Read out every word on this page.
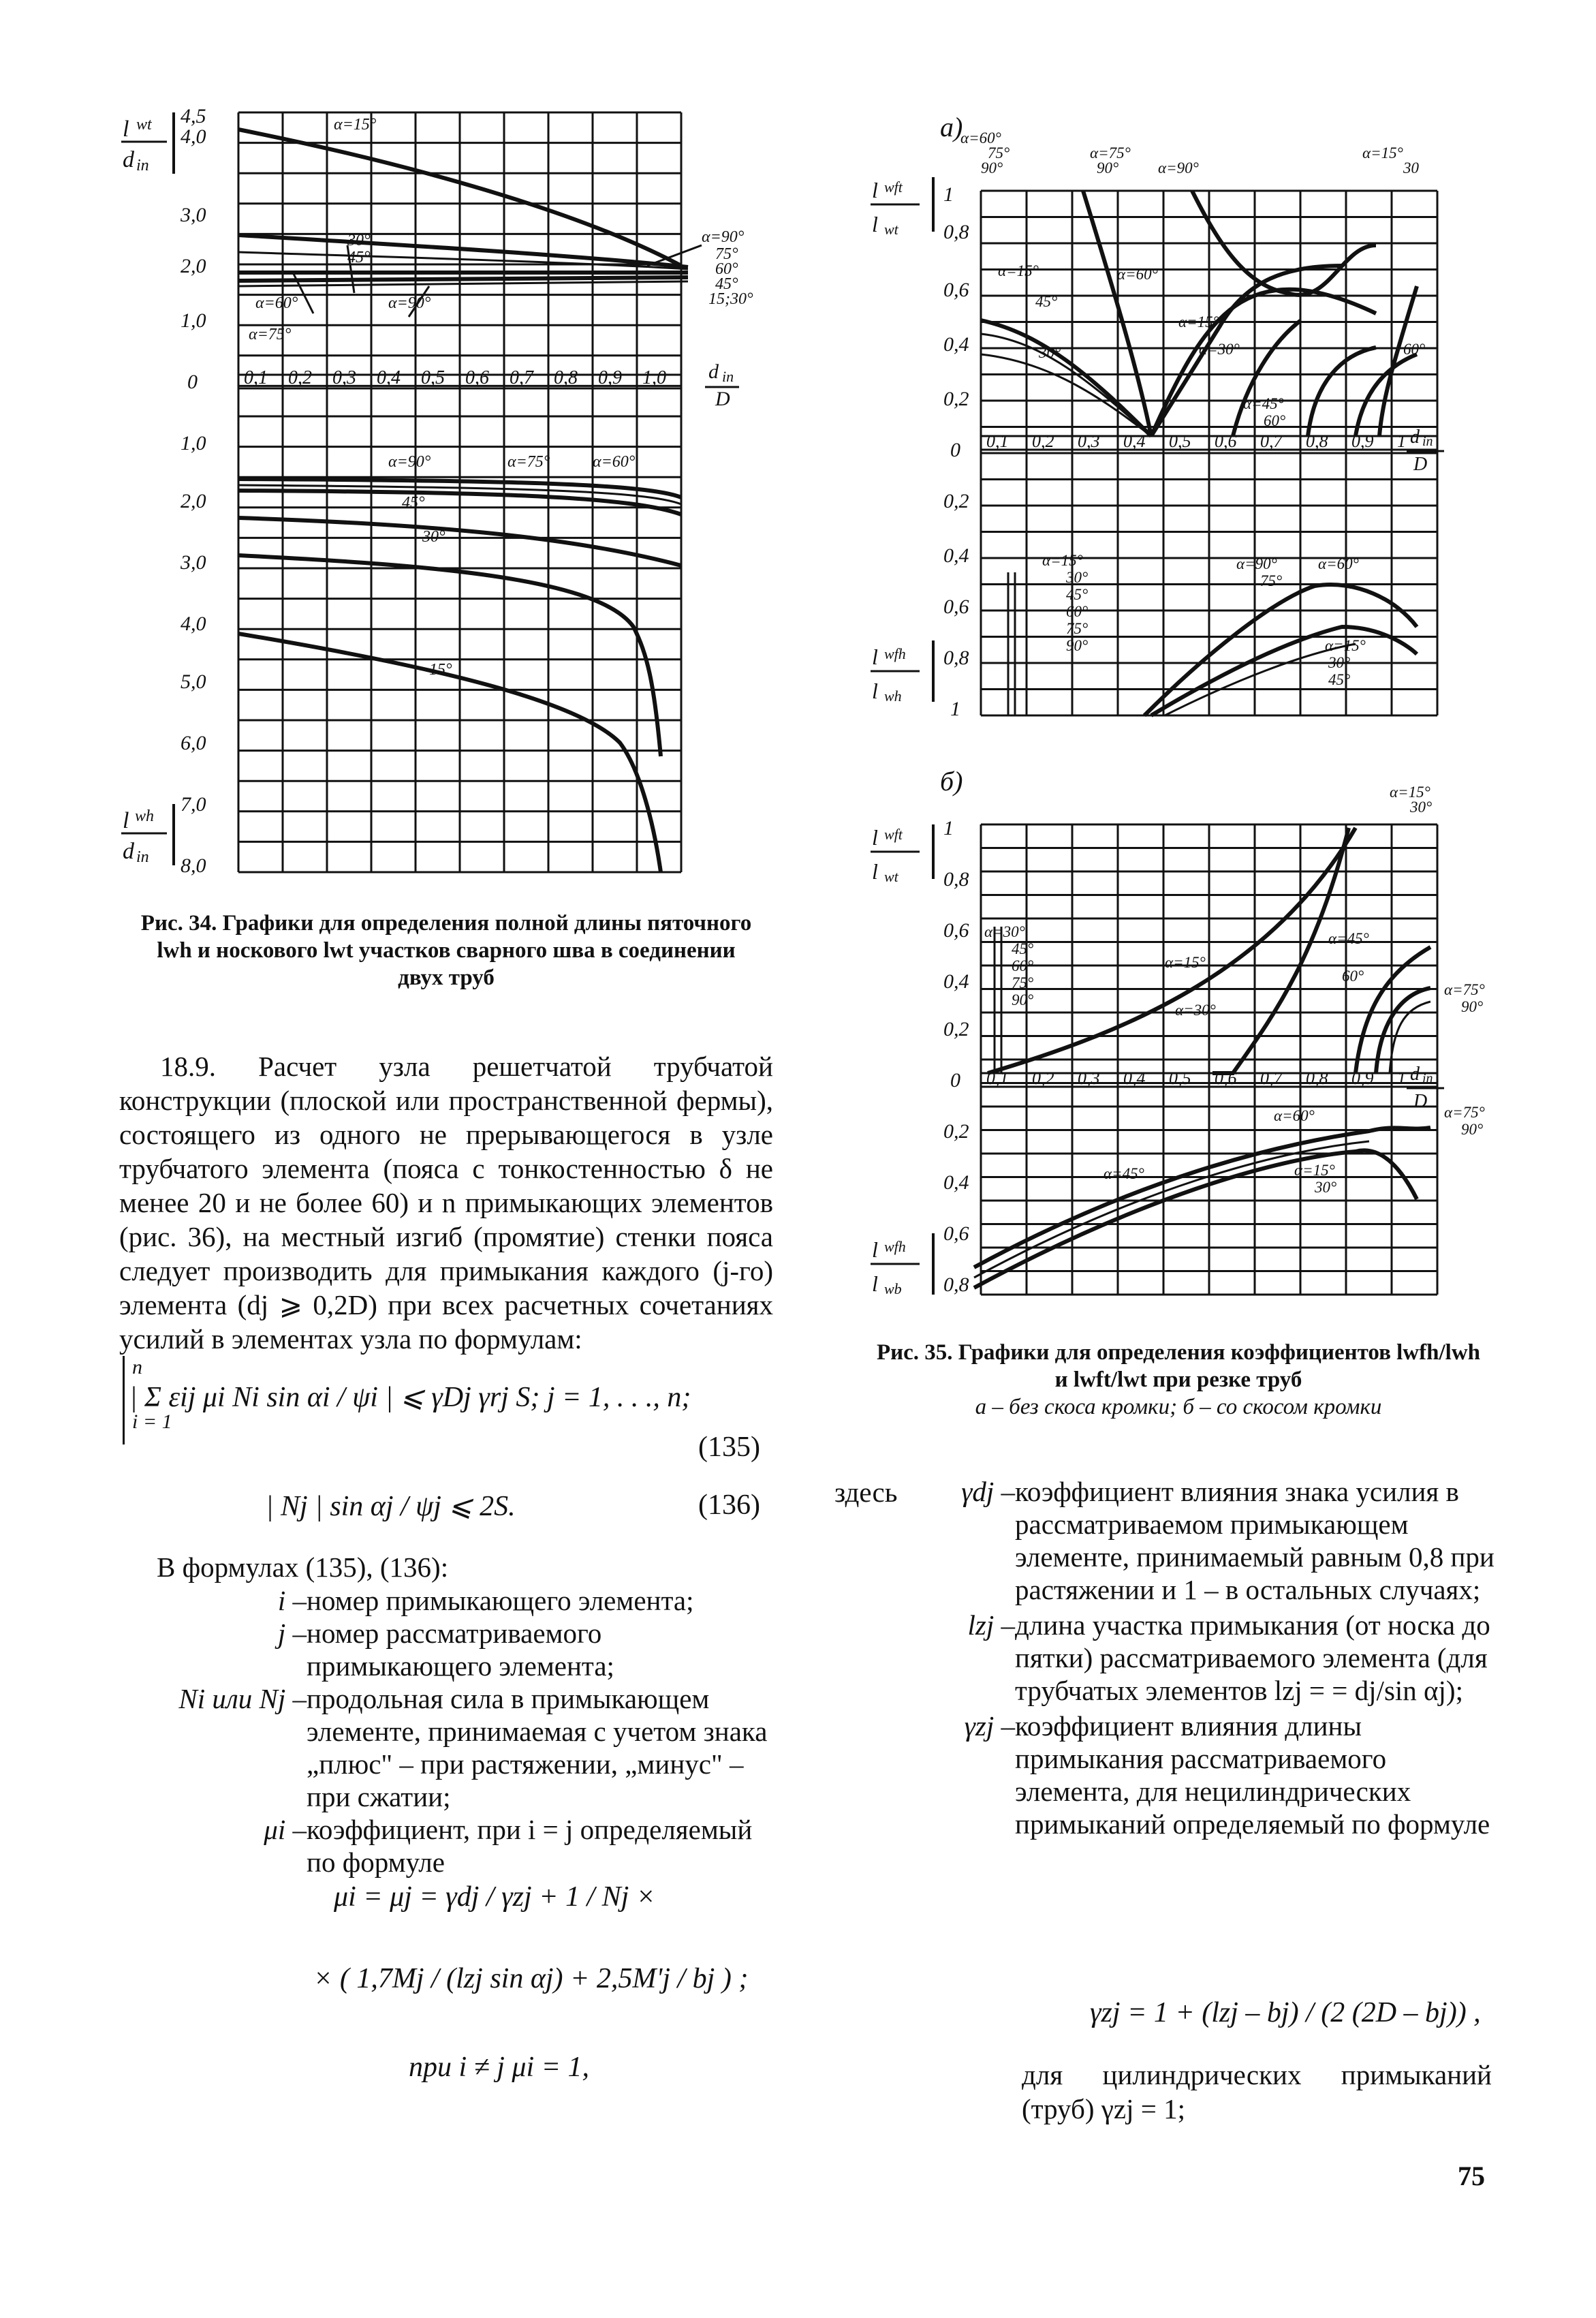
l wt
d in
l wh
d in
4,5
4,0
3,0
2,0
1,0
0
1,0
2,0
3,0
4,0
5,0
6,0
7,0
8,0
0,1 0,2 0,3 0,4 0,5 0,6 0,7 0,8 0,9 1,0 d in
D
α=15°
30°
45°
α=60°	α=90°
α=75°
α=90°
75°
60°
45°
15;30°
α=90°	α=75°	α=60°
45°
30°
15°
Рис. 34. Графики для определения полной длины пяточного
lwh и носкового lwt участков сварного шва в соединении
двух труб
a)
б)
l wft
l wt
l wfh
l wh
1
0,8
0,6
0,4
0,2
0
0,2
0,4
0,6
0,8
1
0,1 0,2 0,3 0,4 0,5 0,6 0,7 0,8 0,9 1 d in
D
α=60°
75°
90°
α=75°
90°	α=90°
α=15°
30
α=15°	α=60°
45°
30°
α=15°
α=30°	60°
α=45°
60°
α=15°
30°
45°
60°
75°
90°
α=90°	α=60°
75°
α=15°
30°
45°
l wft
l wt
l wfh
l wb
1
0,8
0,6
0,4
0,2
0
0,2
0,4
0,6
0,8
0,1 0,2 0,3 0,4 0,5 0,6 0,7 0,8 0,9 1 d in
D
α=15°
30°
α=30°
45°
60°
75°
90°
α=15°
α=30°
α=45°
60°
α=75°
90°
α=60°	α=75°
90°
α=45°	α=15°
30°
Рис. 35. Графики для определения коэффициентов lwfh/lwh
и lwft/lwt при резке труб
а – без скоса кромки; б – со скосом кромки
18.9. Расчет узла решетчатой трубчатой конструкции (плоской или пространственной фермы), состоящего из одного не прерывающегося в узле трубчатого элемента (пояса с тонкостенностью δ не менее 20 и не более 60) и n примыкающих элементов (рис. 36), на местный изгиб (промятие) стенки пояса следует производить для примыкания каждого (j-го) элемента (dj ⩾ 0,2D) при всех расчетных сочетаниях усилий в элементах узла по формулам:
n
i = 1
| Σ εij μi Ni sin αi / ψi | ⩽ γDj γrj S; j = 1, . . ., n;
(135)
| Nj | sin αj / ψj ⩽ 2S.	(136)
В формулах (135), (136):
i – номер примыкающего элемента;
j – номер рассматриваемого примыкающего элемента;
Ni или Nj – продольная сила в примыкающем элементе, принимаемая с учетом знака „плюс" – при растяжении, „минус" – при сжатии;
μi – коэффициент, при i = j определяемый по формуле
μi = μj = γdj / γzj + 1 / Nj ×
× ( 1,7Mj / (lzj sin αj) + 2,5M'j / bj ) ;
при i ≠ j μi = 1,
здесь	γdj – коэффициент влияния знака усилия в рассматриваемом примыкающем элементе, принимаемый равным 0,8 при растяжении и 1 – в остальных случаях;
lzj – длина участка примыкания (от носка до пятки) рассматриваемого элемента (для трубчатых элементов lzj = = dj/sin αj);
γzj – коэффициент влияния длины примыкания рассматриваемого элемента, для нецилиндрических примыканий определяемый по формуле
γzj = 1 + (lzj – bj) / (2 (2D – bj)) ,
для цилиндрических примыканий (труб) γzj = 1;
75
